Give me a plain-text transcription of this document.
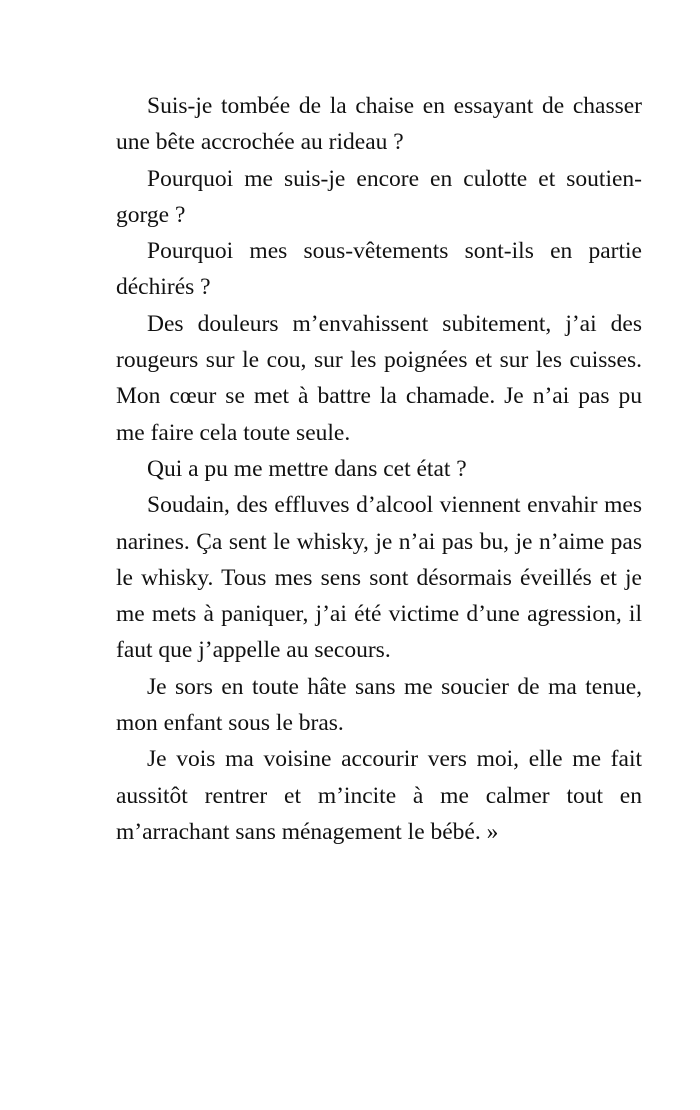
Suis-je tombée de la chaise en essayant de chasser une bête accrochée au rideau ?

Pourquoi me suis-je encore en culotte et soutien-gorge ?

Pourquoi mes sous-vêtements sont-ils en partie déchirés ?

Des douleurs m’envahissent subitement, j’ai des rougeurs sur le cou, sur les poignées et sur les cuisses. Mon cœur se met à battre la chamade. Je n’ai pas pu me faire cela toute seule.

Qui a pu me mettre dans cet état ?

Soudain, des effluves d’alcool viennent envahir mes narines. Ça sent le whisky, je n’ai pas bu, je n’aime pas le whisky. Tous mes sens sont désormais éveillés et je me mets à paniquer, j’ai été victime d’une agression, il faut que j’appelle au secours.

Je sors en toute hâte sans me soucier de ma tenue, mon enfant sous le bras.

Je vois ma voisine accourir vers moi, elle me fait aussitôt rentrer et m’incite à me calmer tout en m’arrachant sans ménagement le bébé. »
